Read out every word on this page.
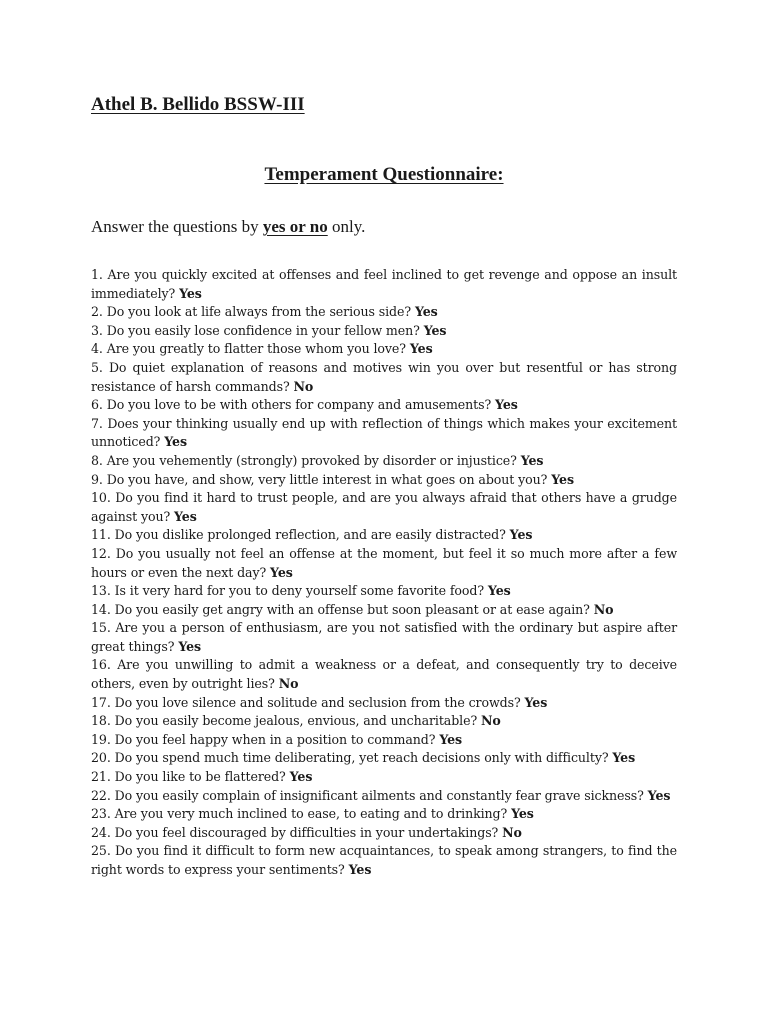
Athel B. Bellido BSSW-III

Temperament Questionnaire:

Answer the questions by yes or no only.

1. Are you quickly excited at offenses and feel inclined to get revenge and oppose an insult immediately? Yes
2. Do you look at life always from the serious side? Yes
3. Do you easily lose confidence in your fellow men? Yes
4. Are you greatly to flatter those whom you love? Yes
5. Do quiet explanation of reasons and motives win you over but resentful or has strong resistance of harsh commands? No
6. Do you love to be with others for company and amusements? Yes
7. Does your thinking usually end up with reflection of things which makes your excitement unnoticed? Yes
8. Are you vehemently (strongly) provoked by disorder or injustice? Yes
9. Do you have, and show, very little interest in what goes on about you? Yes
10. Do you find it hard to trust people, and are you always afraid that others have a grudge against you? Yes
11. Do you dislike prolonged reflection, and are easily distracted? Yes
12. Do you usually not feel an offense at the moment, but feel it so much more after a few hours or even the next day? Yes
13. Is it very hard for you to deny yourself some favorite food? Yes
14. Do you easily get angry with an offense but soon pleasant or at ease again? No
15. Are you a person of enthusiasm, are you not satisfied with the ordinary but aspire after great things? Yes
16. Are you unwilling to admit a weakness or a defeat, and consequently try to deceive others, even by outright lies? No
17. Do you love silence and solitude and seclusion from the crowds? Yes
18. Do you easily become jealous, envious, and uncharitable? No
19. Do you feel happy when in a position to command? Yes
20. Do you spend much time deliberating, yet reach decisions only with difficulty? Yes
21. Do you like to be flattered? Yes
22. Do you easily complain of insignificant ailments and constantly fear grave sickness? Yes
23. Are you very much inclined to ease, to eating and to drinking? Yes
24. Do you feel discouraged by difficulties in your undertakings? No
25. Do you find it difficult to form new acquaintances, to speak among strangers, to find the right words to express your sentiments? Yes
